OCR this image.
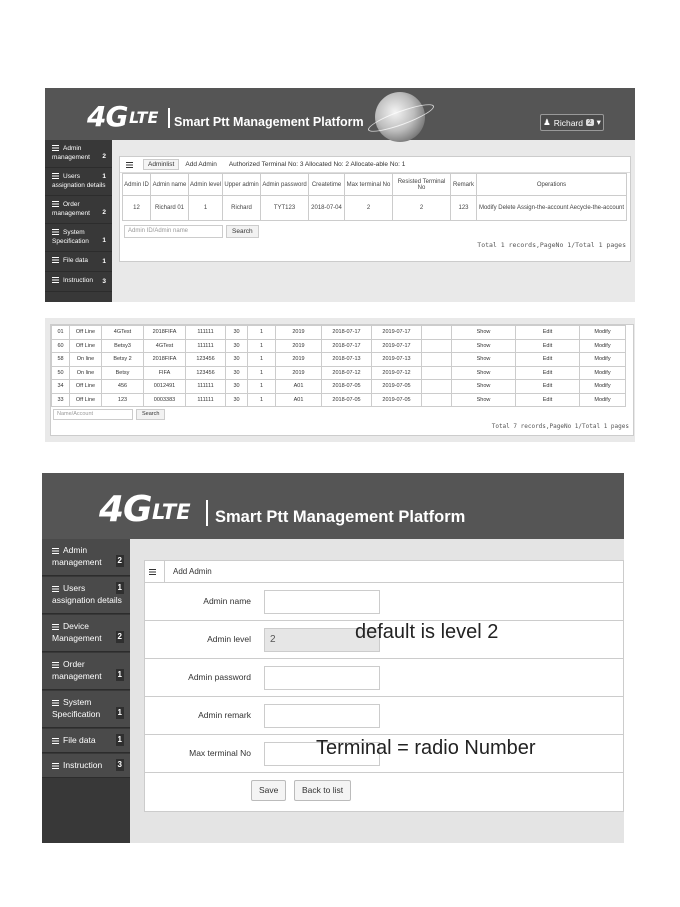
4G LTE Smart Ptt Management Platform	♟ Richard 2 ▾
Admin management 2
Users assignation details
1
Order management 2
System Specification 1
File data 1
Instruction 3
Adminlist	Add Admin Authorized Terminal No: 3 Allocated No: 2 Allocate-able No: 1
Admin ID	Admin name	Admin level	Upper admin	Admin password	Createtime	Max terminal No	Resisted Terminal No	Remark	Operations
12	Richard 01	1	Richard	TYT123	2018-07-04	2	2	123	Modify Delete Assign-the-account Aecycle-the-account
Admin ID/Admin name	Search
Total 1 records,PageNo 1/Total 1 pages
01	Off Line	4GTest	2018FIFA	111111	30	1	2019	2018-07-17	2019-07-17		Show	Edit	Modify
60	Off Line	Betsy3	4GTest	111111	30	1	2019	2018-07-17	2019-07-17		Show	Edit	Modify
58	On line	Betsy 2	2018FIFA	123456	30	1	2019	2018-07-13	2019-07-13		Show	Edit	Modify
50	On line	Betsy	FIFA	123456	30	1	2019	2018-07-12	2019-07-12		Show	Edit	Modify
34	Off Line	456	0012491	111111	30	1	A01	2018-07-05	2019-07-05		Show	Edit	Modify
33	Off Line	123	0003383	111111	30	1	A01	2018-07-05	2019-07-05		Show	Edit	Modify
Name/Account	Search
Total 7 records,PageNo 1/Total 1 pages
4G LTE Smart Ptt Management Platform
Admin management 2
Users assignation details
1
Device Management 2
Order management 1
System Specification 1
File data	1
Instruction 3
Add Admin
Admin name
Admin level	2
Admin password
Admin remark
Max terminal No
default is level 2
Terminal = radio Number
Save	Back to list
